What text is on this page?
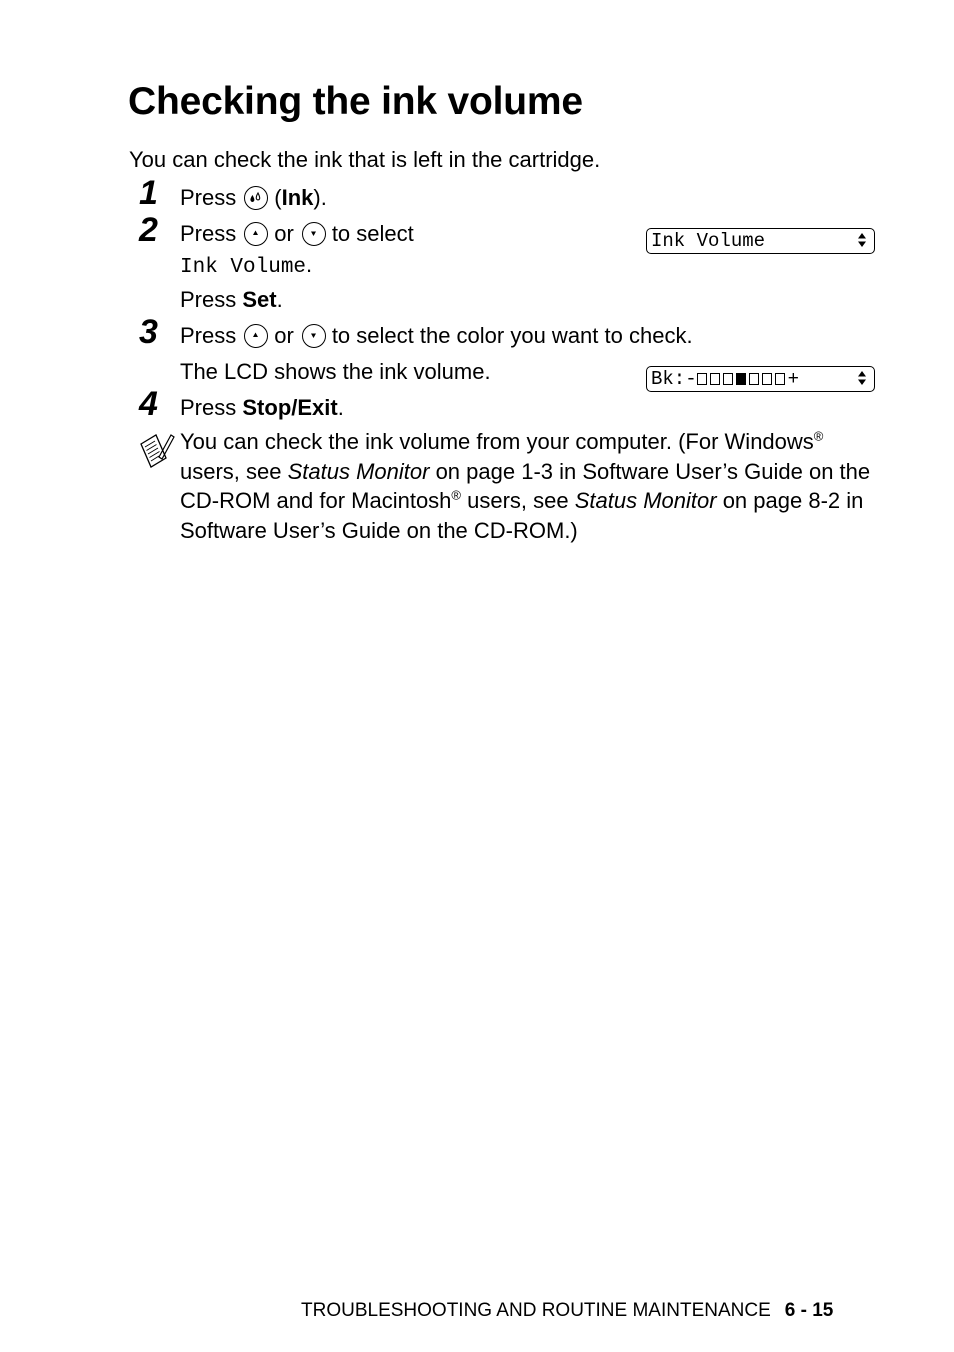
Checking the ink volume
You can check the ink that is left in the cartridge.
1 Press (Ink).
2 Press or to select
Ink Volume.
Press Set.
Ink Volume
3 Press or to select the color you want to check.
The LCD shows the ink volume.	Bk:-	+
4 Press Stop/Exit.
You can check the ink volume from your computer. (For Windows® users, see Status Monitor on page 1-3 in Software User’s Guide on the CD-ROM and for Macintosh® users, see Status Monitor on page 8-2 in Software User’s Guide on the CD-ROM.)
TROUBLESHOOTING AND ROUTINE MAINTENANCE 6 - 15
